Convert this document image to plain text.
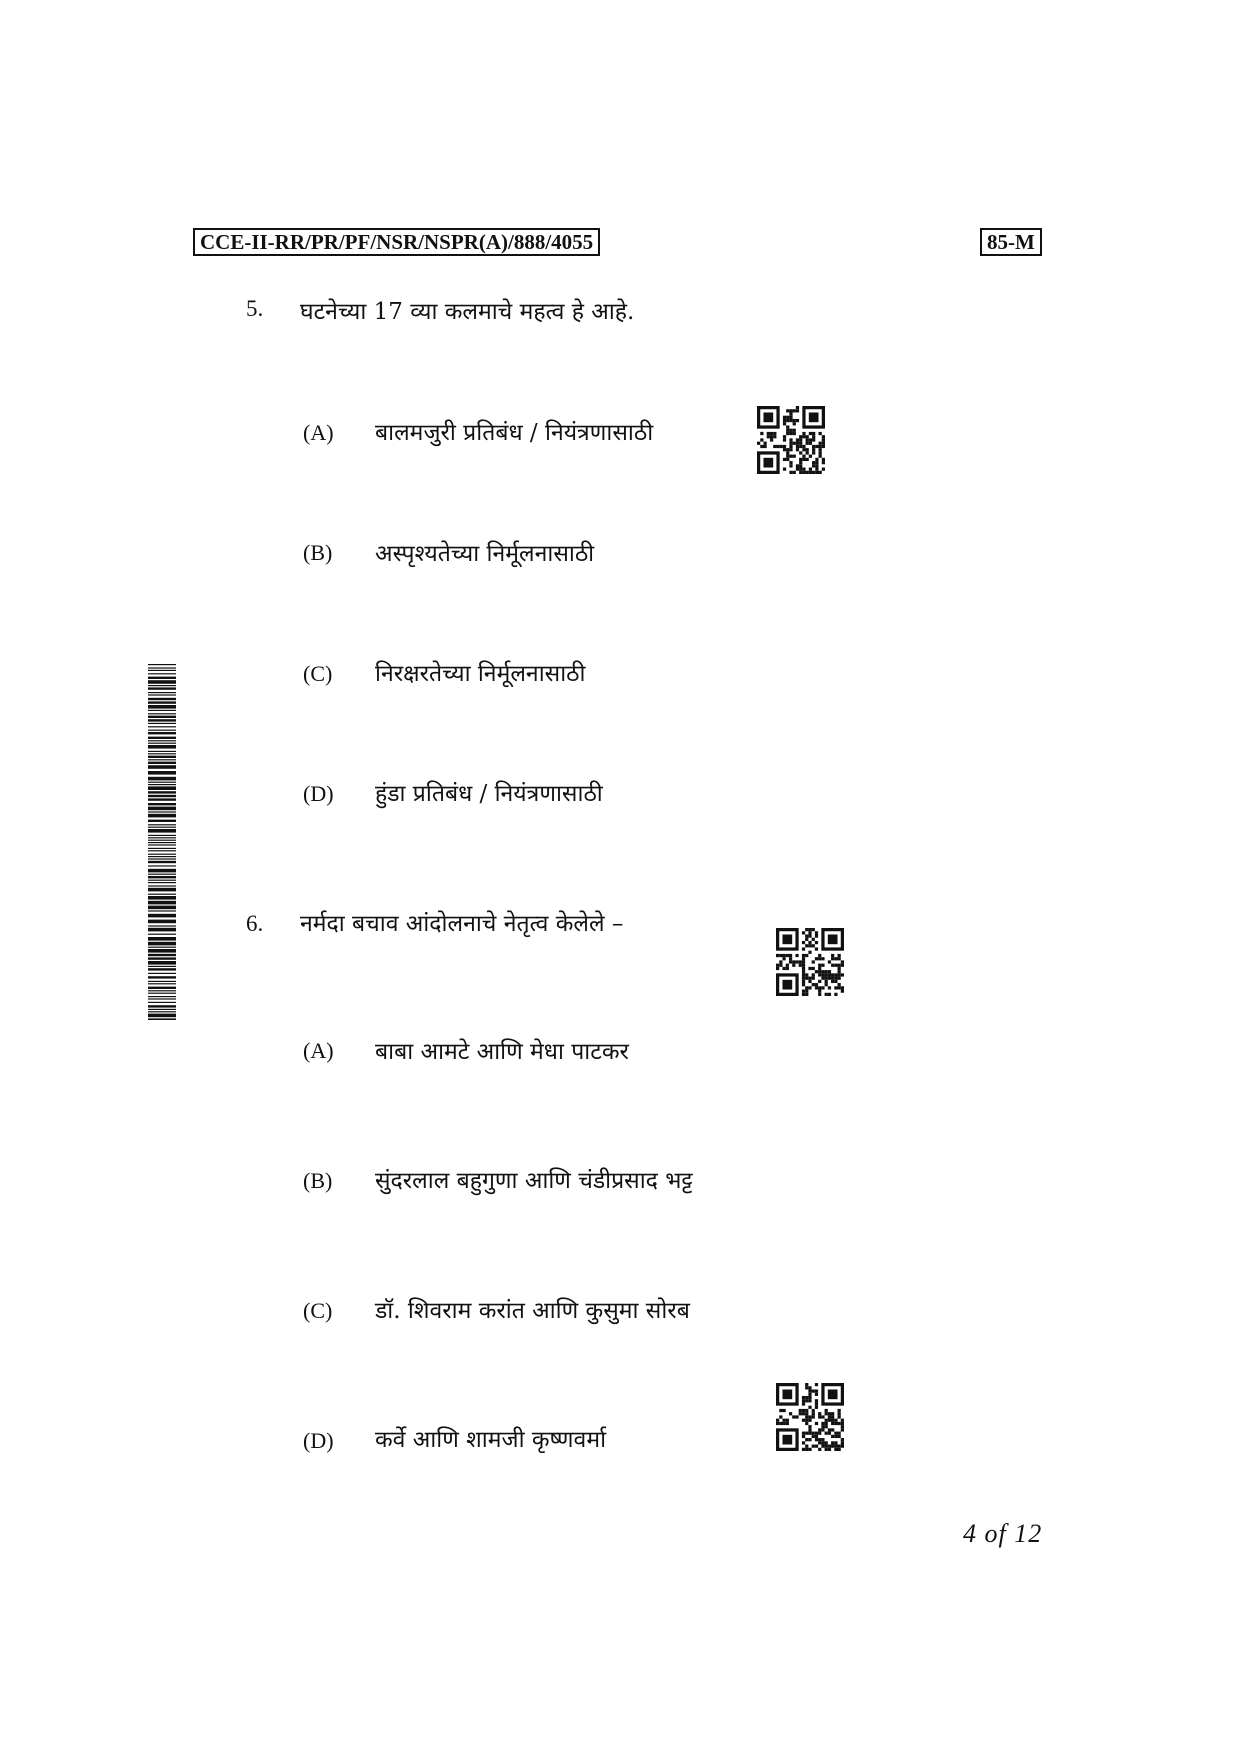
CCE-II-RR/PR/PF/NSR/NSPR(A)/888/4055	85-M
5. घटनेच्या 17 व्या कलमाचे महत्व हे आहे.
(A) बालमजुरी प्रतिबंध / नियंत्रणासाठी
(B) अस्पृश्यतेच्या निर्मूलनासाठी
(C) निरक्षरतेच्या निर्मूलनासाठी
(D) हुंडा प्रतिबंध / नियंत्रणासाठी
6. नर्मदा बचाव आंदोलनाचे नेतृत्व केलेले –
(A) बाबा आमटे आणि मेधा पाटकर
(B) सुंदरलाल बहुगुणा आणि चंडीप्रसाद भट्ट
(C) डॉ. शिवराम करांत आणि कुसुमा सोरब
(D) कर्वे आणि शामजी कृष्णवर्मा
4 of 12
